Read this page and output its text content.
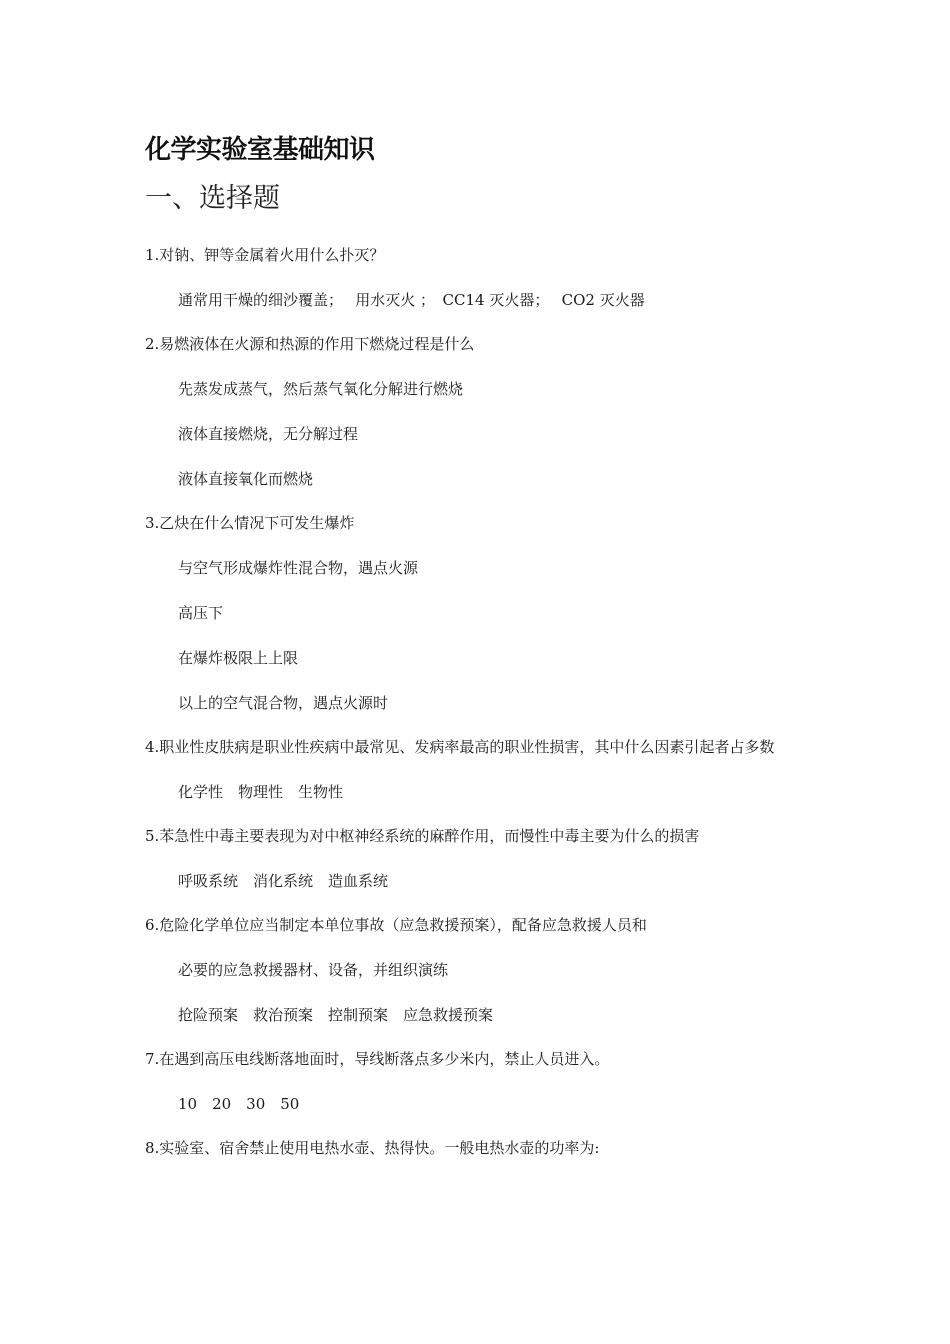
化学实验室基础知识
一、选择题

1.对钠、钾等金属着火用什么扑灭？

通常用干燥的细沙覆盖；　 用水灭火 ；　CC14 灭火器；　 CO2 灭火器

2.易燃液体在火源和热源的作用下燃烧过程是什么

先蒸发成蒸气，然后蒸气氧化分解进行燃烧

液体直接燃烧，无分解过程

液体直接氧化而燃烧

3.乙炔在什么情况下可发生爆炸

与空气形成爆炸性混合物，遇点火源

高压下

在爆炸极限上上限

以上的空气混合物，遇点火源时

4.职业性皮肤病是职业性疾病中最常见、发病率最高的职业性损害，其中什么因素引起者占多数

化学性　物理性　生物性

5.苯急性中毒主要表现为对中枢神经系统的麻醉作用，而慢性中毒主要为什么的损害

呼吸系统　消化系统　造血系统

6.危险化学单位应当制定本单位事故（应急救援预案），配备应急救援人员和

必要的应急救援器材、设备，并组织演练

抢险预案　救治预案　控制预案　应急救援预案

7.在遇到高压电线断落地面时，导线断落点多少米内，禁止人员进入。

10　20　30　50

8.实验室、宿舍禁止使用电热水壶、热得快。一般电热水壶的功率为:
